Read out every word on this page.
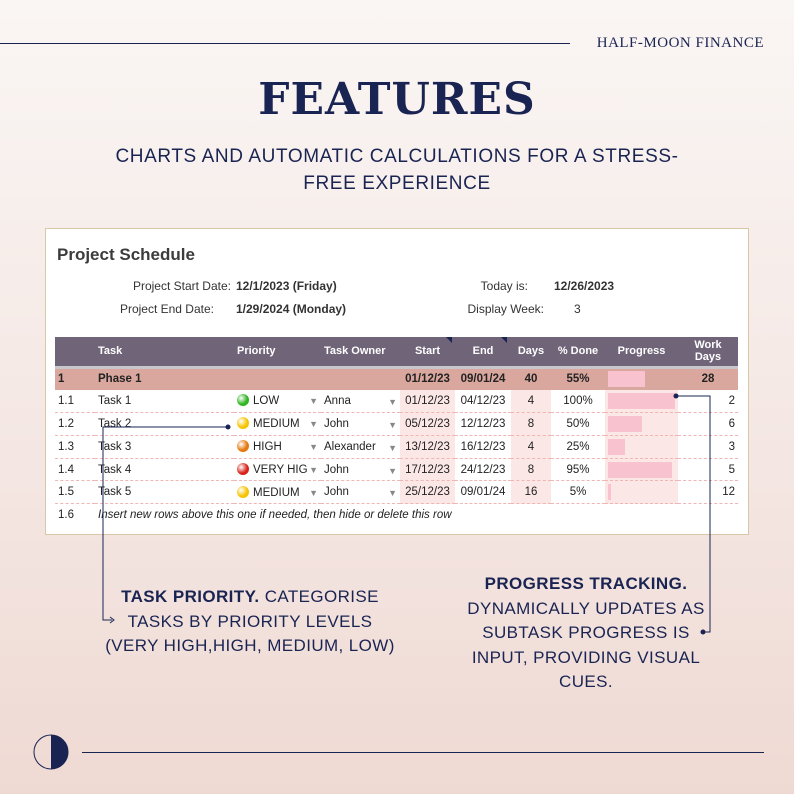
HALF-MOON FINANCE
FEATURES
CHARTS AND AUTOMATIC CALCULATIONS FOR A STRESS-FREE EXPERIENCE
Project Schedule
Project Start Date: 12/1/2023 (Friday)
Project End Date: 1/29/2024 (Monday)
Today is: 12/26/2023
Display Week:	3
	Task	Priority	Task Owner	Start	End	Days	% Done	Progress	Work Days
1	Phase 1			01/12/23	09/01/24	40	55%		28
1.1	Task 1	LOW ▼	Anna ▼	01/12/23	04/12/23	4	100%		2
1.2	Task 2	MEDIUM ▼	John ▼	05/12/23	12/12/23	8	50%		6
1.3	Task 3	HIGH ▼	Alexander ▼	13/12/23	16/12/23	4	25%		3
1.4	Task 4	VERY HIG ▼	John ▼	17/12/23	24/12/23	8	95%		5
1.5	Task 5	MEDIUM ▼	John ▼	25/12/23	09/01/24	16	5%		12
1.6	Insert new rows above this one if needed, then hide or delete this row								
TASK PRIORITY. CATEGORISE TASKS BY PRIORITY LEVELS (VERY HIGH,HIGH, MEDIUM, LOW)
PROGRESS TRACKING.
DYNAMICALLY UPDATES AS SUBTASK PROGRESS IS INPUT, PROVIDING VISUAL CUES.
